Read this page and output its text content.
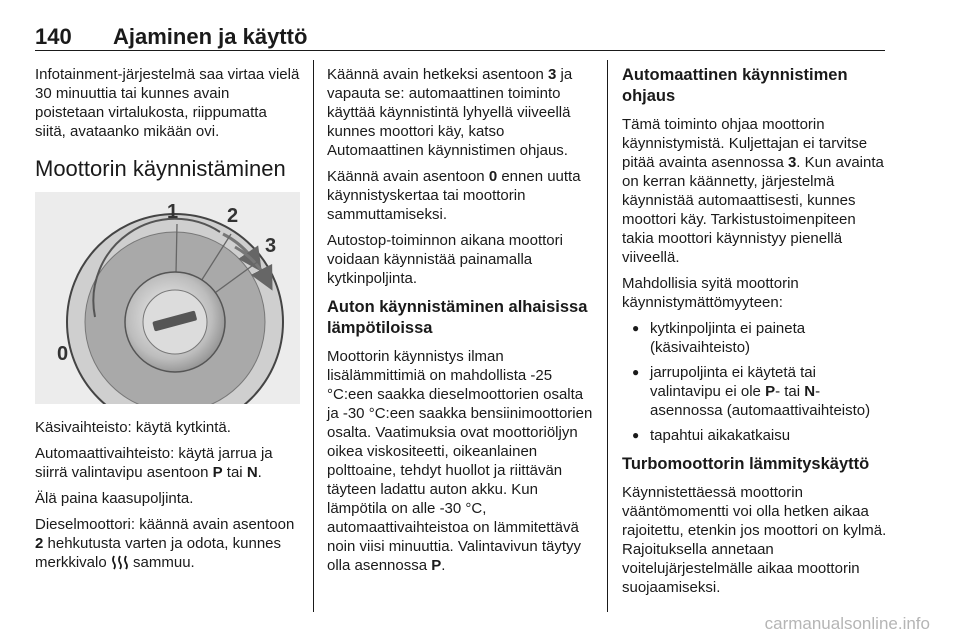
140 Ajaminen ja käyttö

Infotainment-järjestelmä saa virtaa vielä 30 minuuttia tai kunnes avain poistetaan virtalukosta, riippumatta siitä, avataanko mikään ovi.

Moottorin käynnistäminen
1 2
3
0

Käsivaihteisto: käytä kytkintä.

Automaattivaihteisto: käytä jarrua ja siirrä valintavipu asentoon P tai N.

Älä paina kaasupoljinta.

Dieselmoottori: käännä avain asentoon 2 hehkutusta varten ja odota, kunnes merkkivalo  sammuu.

Käännä avain hetkeksi asentoon 3 ja vapauta se: automaattinen toiminto käyttää käynnistintä lyhyellä viiveellä kunnes moottori käy, katso Automaattinen käynnistimen ohjaus.

Käännä avain asentoon 0 ennen uutta käynnistyskertaa tai moottorin sammuttamiseksi.

Autostop-toiminnon aikana moottori voidaan käynnistää painamalla kytkinpoljinta.

Auton käynnistäminen alhaisissa lämpötiloissa

Moottorin käynnistys ilman lisälämmittimiä on mahdollista -25 °C:een saakka dieselmoottorien osalta ja -30 °C:een saakka bensiinimoottorien osalta. Vaatimuksia ovat moottoriöljyn oikea viskositeetti, oikeanlainen polttoaine, tehdyt huollot ja riittävän täyteen ladattu auton akku. Kun lämpötila on alle -30 °C, automaattivaihteistoa on lämmitettävä noin viisi minuuttia. Valintavivun täytyy olla asennossa P.

Automaattinen käynnistimen ohjaus

Tämä toiminto ohjaa moottorin käynnistymistä. Kuljettajan ei tarvitse pitää avainta asennossa 3. Kun avainta on kerran käännetty, järjestelmä käynnistää automaattisesti, kunnes moottori käy. Tarkistustoimenpiteen takia moottori käynnistyy pienellä viiveellä.

Mahdollisia syitä moottorin käynnistymättömyyteen:

● kytkinpoljinta ei paineta (käsivaihteisto)
● jarrupoljinta ei käytetä tai valintavipu ei ole P- tai N-asennossa (automaattivaihteisto)
● tapahtui aikakatkaisu
Turbomoottorin lämmityskäyttö

Käynnistettäessä moottorin vääntömomentti voi olla hetken aikaa rajoitettu, etenkin jos moottori on kylmä. Rajoituksella annetaan voitelujärjestelmälle aikaa moottorin suojaamiseksi.

carmanualsonline.info
